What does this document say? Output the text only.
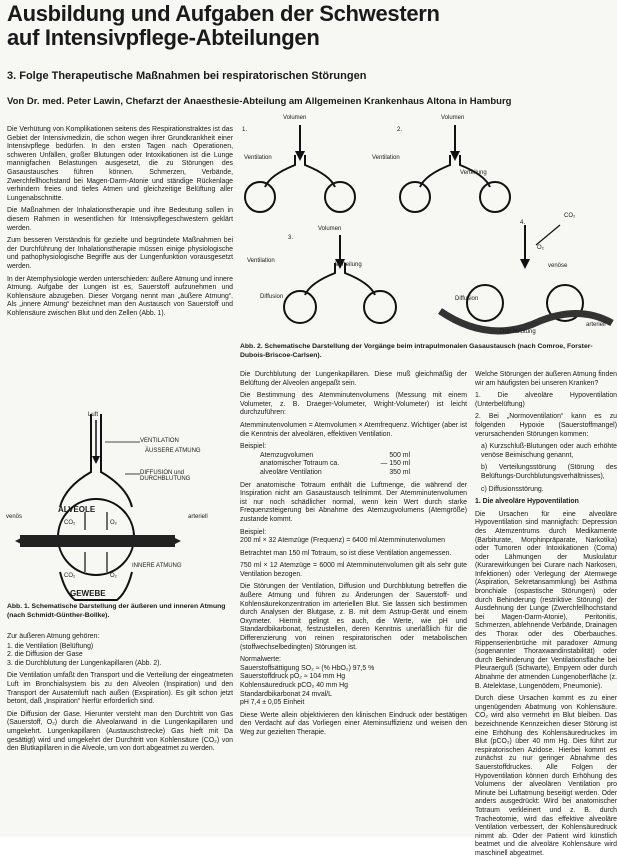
Ausbildung und Aufgaben der Schwestern
auf Intensivpflege-Abteilungen
3. Folge Therapeutische Maßnahmen bei respiratorischen Störungen
Von Dr. med. Peter Lawin, Chefarzt der Anaesthesie-Abteilung am Allgemeinen Krankenhaus Altona in Hamburg

Die Verhütung von Komplikationen seitens des Respirationstraktes ist das Gebiet der Intensivmedizin, die schon wegen ihrer Grundkrankheit einer Intensivpflege bedürfen. In den ersten Tagen nach Operationen, schweren Unfällen, großer Blutungen oder Intoxikationen ist die Lunge mannigfachen Belastungen ausgesetzt, die zu Störungen des Gasaustausches führen können. Schmerzen, Verbände, Zwerchfellhochstand bei Magen-Darm-Atonie und ständige Rückenlage verhindern freies und tiefes Atmen und gleichzeitige Belüftung aller Lungenabschnitte.

Die Maßnahmen der Inhalationstherapie und ihre Bedeutung sollen in diesem Rahmen in wesentlichen für Intensivpflegeschwestern geklärt werden.

Zum besseren Verständnis für gezielte und begründete Maßnahmen bei der Durchführung der Inhalationstherapie müssen einige physiologische und pathophysiologische Begriffe aus der Lungenfunktion vorausgesetzt werden.

In der Atemphysiologie werden unterschieden: äußere Atmung und innere Atmung. Aufgabe der Lungen ist es, Sauerstoff aufzunehmen und Kohlensäure abzugeben. Dieser Vorgang nennt man „äußere Atmung“. Als „innere Atmung“ bezeichnet man den Austausch von Sauerstoff und Kohlensäure zwischen Blut und den Zellen (Abb. 1).

Luft
VENTILATION
ÄUSSERE ATMUNG
DIFFUSION und DURCHBLUTUNG
ALVEOLE
CO₂	O₂
venös	arteriell
INNERE ATMUNG
CO₂	O₂
GEWEBE
Abb. 1. Schematische Darstellung der äußeren und inneren Atmung (nach Schmidt-Günther-Bollke).

Zur äußeren Atmung gehören:

1. die Ventilation (Belüftung)
2. die Diffusion der Gase

3. die Durchblutung der Lungenkapillaren (Abb. 2).

Die Ventilation umfaßt den Transport und die Verteilung der eingeatmeten Luft im Bronchialsystem bis zu den Alveolen (Inspiration) und den Transport der Ausatemluft nach außen (Exspiration). Es gilt schon jetzt betont, daß „Inspiration“ hierfür erforderlich sind.

Die Diffusion der Gase. Hierunter versteht man den Durchtritt von Gas (Sauerstoff, O₂) durch die Alveolarwand in die Lungenkapillaren und umgekehrt. Lungenkapillaren (Austauschstrecke) Gas hieft mit Da gesättigt) wird und umgekehrt der Durchtritt von Kohlensäure (CO₂) von den Blutkapillaren in die Alveole, um von dort abgeatmet zu werden.

1.	2.
3.
4.
Volumen	Volumen
Volumen
Ventilation	Ventilation
Verteilung
Ventilation
Verteilung
Diffusion	Diffusion
CO₂
O₂
venöse
Durchblutung
arteriell
Abb. 2. Schematische Darstellung der Vorgänge beim intrapulmonalen Gasaustausch (nach Comroe, Forster-Dubois-Briscoe-Carlsen).

Die Durchblutung der Lungenkapillaren. Diese muß gleichmäßig der Belüftung der Alveolen angepaßt sein.

Die Bestimmung des Atemminutenvolumens (Messung mit einem Volumeter, z. B. Draeger-Volumeter, Wright-Volumeter) ist leicht durchzuführen:

Atemminutenvolumen = Atemvolumen × Atemfrequenz. Wichtiger (aber ist die Kenntnis der alveolären, effektiven Ventilation.

Beispiel:
Atemzugvolumen	500 ml
anatomischer Totraum ca.	— 150 ml
alveoläre Ventilation	350 ml

Der anatomische Totraum enthält die Luftmenge, die während der Inspiration nicht am Gasaustausch teilnimmt. Der Atemminutenvolumen ist nur noch schädlicher normal, wenn kein Wert durch starke Frequenzsteigerung bei Abnahme des Atemzugvolumens (Atemgröße) zustande kommt.

Beispiel:

200 ml × 32 Atemzüge (Frequenz) = 6400 ml Atemminutenvolumen

Betrachtet man 150 ml Totraum, so ist diese Ventilation angemessen.

750 ml × 12 Atemzüge = 6000 ml Atemminutenvolumen gilt als sehr gute Ventilation bezogen.

Die Störungen der Ventilation, Diffusion und Durchblutung betreffen die äußere Atmung und führen zu Änderungen der Sauerstoff- und Kohlensäurekonzentration im arteriellen Blut. Sie lassen sich bestimmen durch Analysen der Blutgase, z. B. mit dem Astrup-Gerät und einem Oxymeter. Hiermit gelingt es auch, die Werte, wie pH und Standardbikarbonat, festzustellen, deren Kenntnis unerläßlich für die Differenzierung von reinen respiratorischen oder metabolischen (stoffwechselbedingten) Störungen ist.

Normalwerte:
Sauerstoffsättigung SO₂ ≈ (% HbO₂) 97,5 %
Sauerstoffdruck pO₂ ≈ 104 mm Hg
Kohlensäuredruck pCO₂ 40 mm Hg
Standardbikarbonat 24 mval/L

pH 7,4 ± 0,05 Einheit

Diese Werte allein objektivieren den klinischen Eindruck oder bestätigen den Verdacht auf das Vorliegen einer Ateminsuffizienz und weisen den Weg zur gezielten Therapie.

Welche Störungen der äußeren Atmung finden wir am häufigsten bei unseren Kranken?

1. Die alveoläre Hypoventilation (Unterbelüftung)

2. Bei „Normoventilation“ kann es zu folgenden Hypoxie (Sauerstoffmangel) verursachenden Störungen kommen:

a) Kurzschluß-Blutungen oder auch erhöhte venöse Beimischung genannt,

b) Verteilungsstörung (Störung des Belüftungs-Durchblutungsverhältnisses),

c) Diffusionsstörung.

1. Die alveoläre Hypoventilation

Die Ursachen für eine alveoläre Hypoventilation sind mannigfach: Depression des Atemzentrums durch Medikamente (Barbiturate, Morphinpräparate, Narkotika) oder Tumoren oder Intoxikationen (Coma) oder Lähmungen der Muskulatur (Kurarewirkungen bei Curare nach Narkosen, Infektionen) oder Verlegung der Atemwege (Aspiration, Sekretansammlung) bei Asthma bronchiale (ospastische Störungen) oder durch Behinderung (restriktive Störung) der Ausdehnung der Lunge (Zwerchfellhochstand bei Magen-Darm-Atonie), Peritonitis, Schmerzen, ablehnende Verbände, Drainagen des Thorax oder des Oberbauches. Rippenserienbrüche mit paradoxer Atmung (sogenannter Thoraxwandinstabilität) oder durch Behinderung der Ventilationsfläche bei Pleuraerguß (Schwarte), Empyem oder durch Abnahme der atmenden Lungenoberfläche (z. B. Atelektase, Lungenödem, Pneumonie).

Durch diese Ursachen kommt es zu einer ungenügenden Abatmung von Kohlensäure. CO₂ wird also vermehrt im Blut bleiben. Das bezeichnende Kennzeichen dieser Störung ist eine Erhöhung des Kohlensäuredruckes im Blut (pCO₂) über 40 mm Hg. Dies führt zur respiratorischen Azidose. Hierbei kommt es zunächst zu nur geringer Abnahme des Sauerstoffdruckes. Alle Folgen der Hypoventilation können durch Erhöhung des Volumens der alveolären Ventilation pro Minute bei Luftatmung beseitigt werden. Oder anders ausgedrückt: Wird bei anatomischer Totraum verkleinert und z. B. durch Tracheotomie, wird das effektive alveoläre Ventilation verbessert, der Kohlensäuredruck nimmt ab. Oder der Patient wird künstlich beatmet und die alveoläre Kohlensäure wird maschinell abgeatmet.
